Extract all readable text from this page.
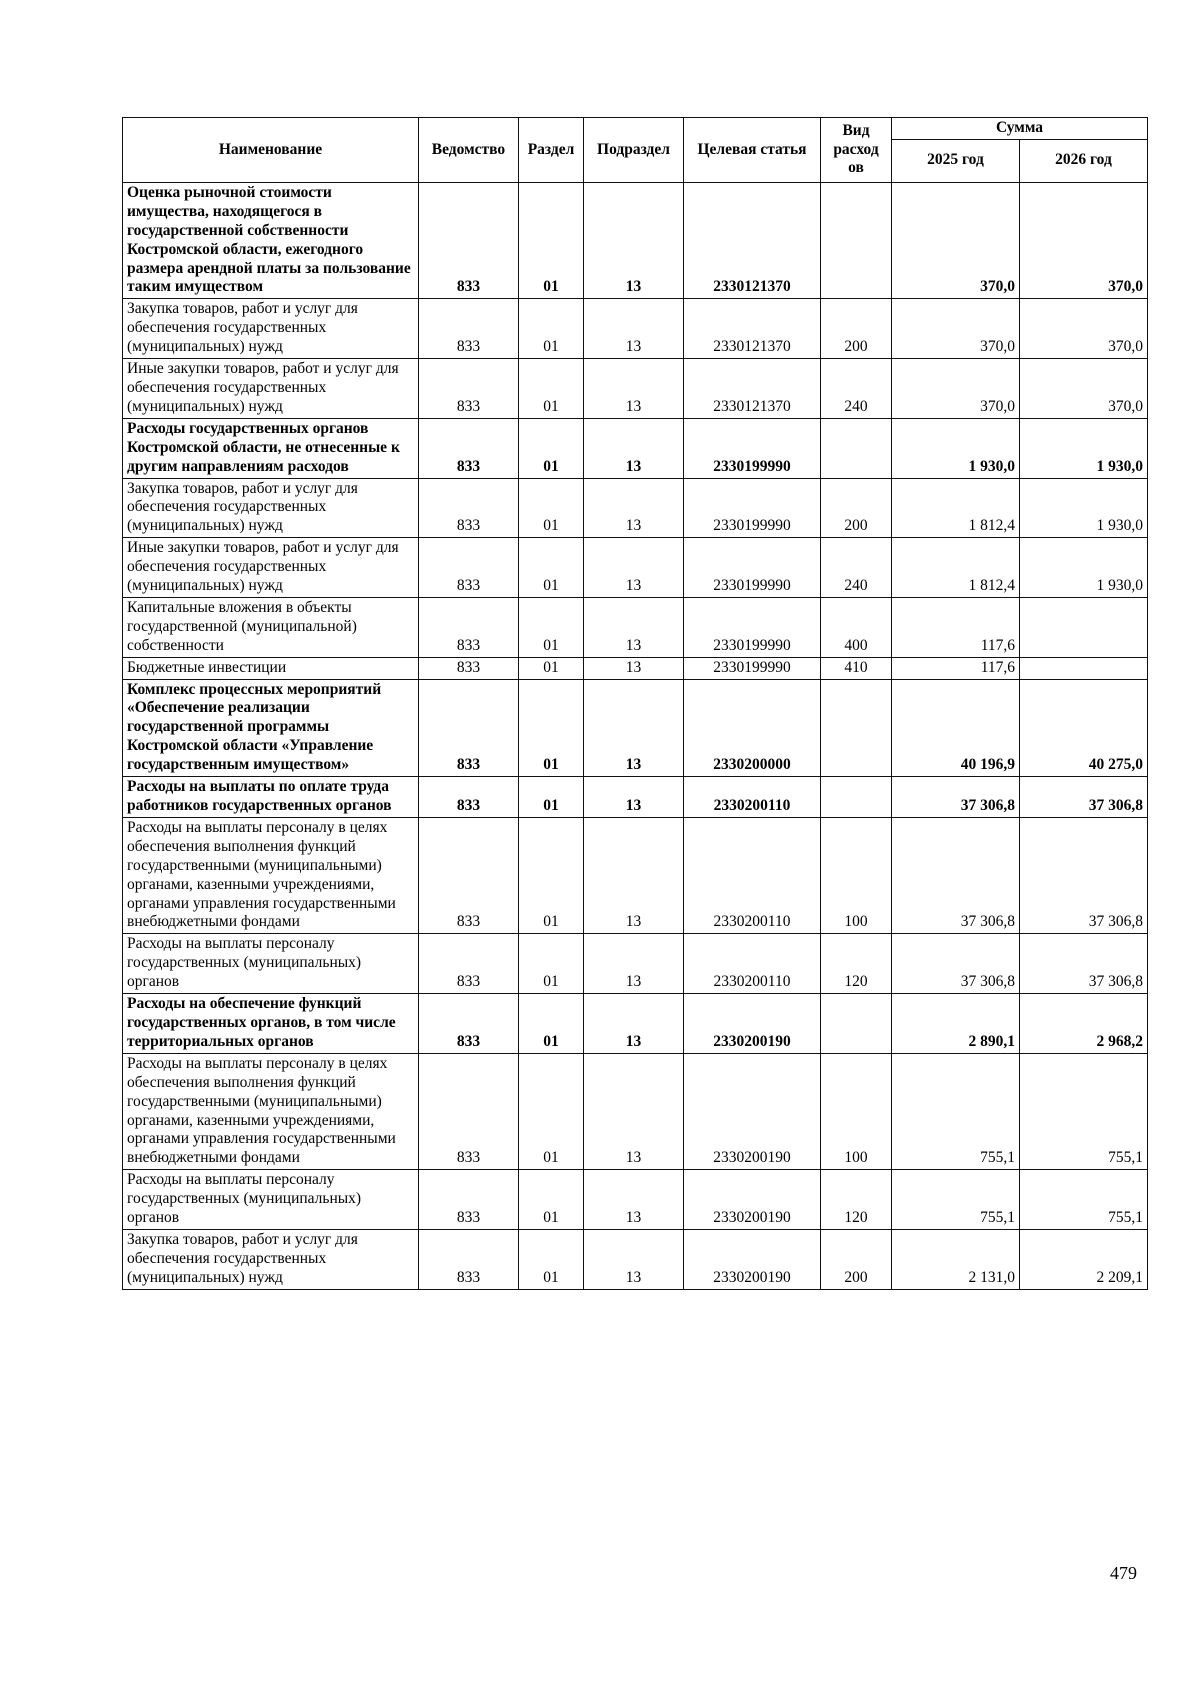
Наименование	Ведомство	Раздел	Подраздел	Целевая статья	Вид расход ов	Сумма	
						2025 год	2026 год
Оценка рыночной стоимости имущества, находящегося в государственной собственности Костромской области, ежегодного размера арендной платы за пользование таким имуществом	833	01	13	2330121370		370,0	370,0
Закупка товаров, работ и услуг для обеспечения государственных (муниципальных) нужд	833	01	13	2330121370	200	370,0	370,0
Иные закупки товаров, работ и услуг для обеспечения государственных (муниципальных) нужд	833	01	13	2330121370	240	370,0	370,0
Расходы государственных органов Костромской области, не отнесенные к другим направлениям расходов	833	01	13	2330199990		1 930,0	1 930,0
Закупка товаров, работ и услуг для обеспечения государственных (муниципальных) нужд	833	01	13	2330199990	200	1 812,4	1 930,0
Иные закупки товаров, работ и услуг для обеспечения государственных (муниципальных) нужд	833	01	13	2330199990	240	1 812,4	1 930,0
Капитальные вложения в объекты государственной (муниципальной) собственности	833	01	13	2330199990	400	117,6	
Бюджетные инвестиции	833	01	13	2330199990	410	117,6	
Комплекс процессных мероприятий «Обеспечение реализации государственной программы Костромской области «Управление государственным имуществом»	833	01	13	2330200000		40 196,9	40 275,0
Расходы на выплаты по оплате труда работников государственных органов	833	01	13	2330200110		37 306,8	37 306,8
Расходы на выплаты персоналу в целях обеспечения выполнения функций государственными (муниципальными) органами, казенными учреждениями, органами управления государственными внебюджетными фондами	833	01	13	2330200110	100	37 306,8	37 306,8
Расходы на выплаты персоналу государственных (муниципальных) органов	833	01	13	2330200110	120	37 306,8	37 306,8
Расходы на обеспечение функций государственных органов, в том числе территориальных органов	833	01	13	2330200190		2 890,1	2 968,2
Расходы на выплаты персоналу в целях обеспечения выполнения функций государственными (муниципальными) органами, казенными учреждениями, органами управления государственными внебюджетными фондами	833	01	13	2330200190	100	755,1	755,1
Расходы на выплаты персоналу государственных (муниципальных) органов	833	01	13	2330200190	120	755,1	755,1
Закупка товаров, работ и услуг для обеспечения государственных (муниципальных) нужд	833	01	13	2330200190	200	2 131,0	2 209,1
479
